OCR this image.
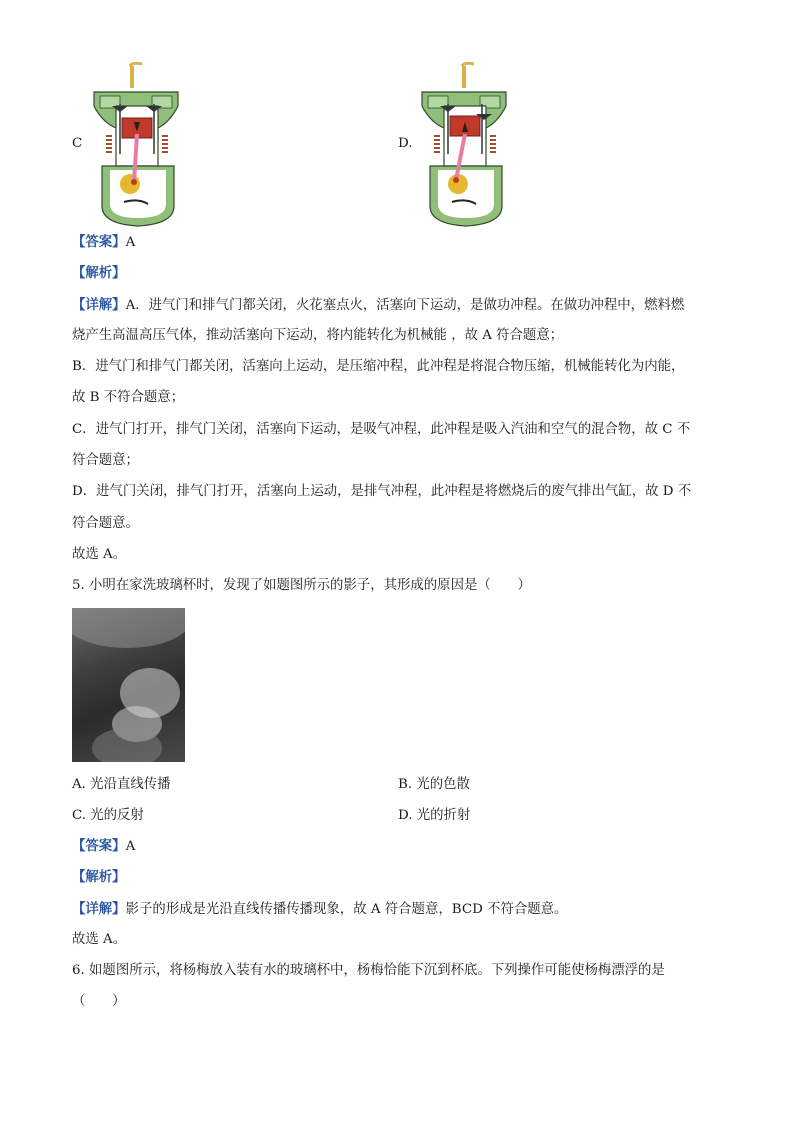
C	D.
【答案】A
【解析】
【详解】A．进气门和排气门都关闭，火花塞点火，活塞向下运动，是做功冲程。在做功冲程中，燃料燃
烧产生高温高压气体，推动活塞向下运动，将内能转化为机械能 ，故 A 符合题意；
B．进气门和排气门都关闭，活塞向上运动，是压缩冲程，此冲程是将混合物压缩，机械能转化为内能，
故 B 不符合题意；
C．进气门打开，排气门关闭，活塞向下运动，是吸气冲程，此冲程是吸入汽油和空气的混合物，故 C 不
符合题意；
D．进气门关闭，排气门打开，活塞向上运动，是排气冲程，此冲程是将燃烧后的废气排出气缸，故 D 不
符合题意。
故选 A。
5. 小明在家洗玻璃杯时，发现了如题图所示的影子，其形成的原因是（　　）
A. 光沿直线传播	B. 光的色散
C. 光的反射	D. 光的折射
【答案】A
【解析】
【详解】影子的形成是光沿直线传播传播现象，故 A 符合题意，BCD 不符合题意。
故选 A。
6. 如题图所示，将杨梅放入装有水的玻璃杯中，杨梅恰能下沉到杯底。下列操作可能使杨梅漂浮的是
（　　）
